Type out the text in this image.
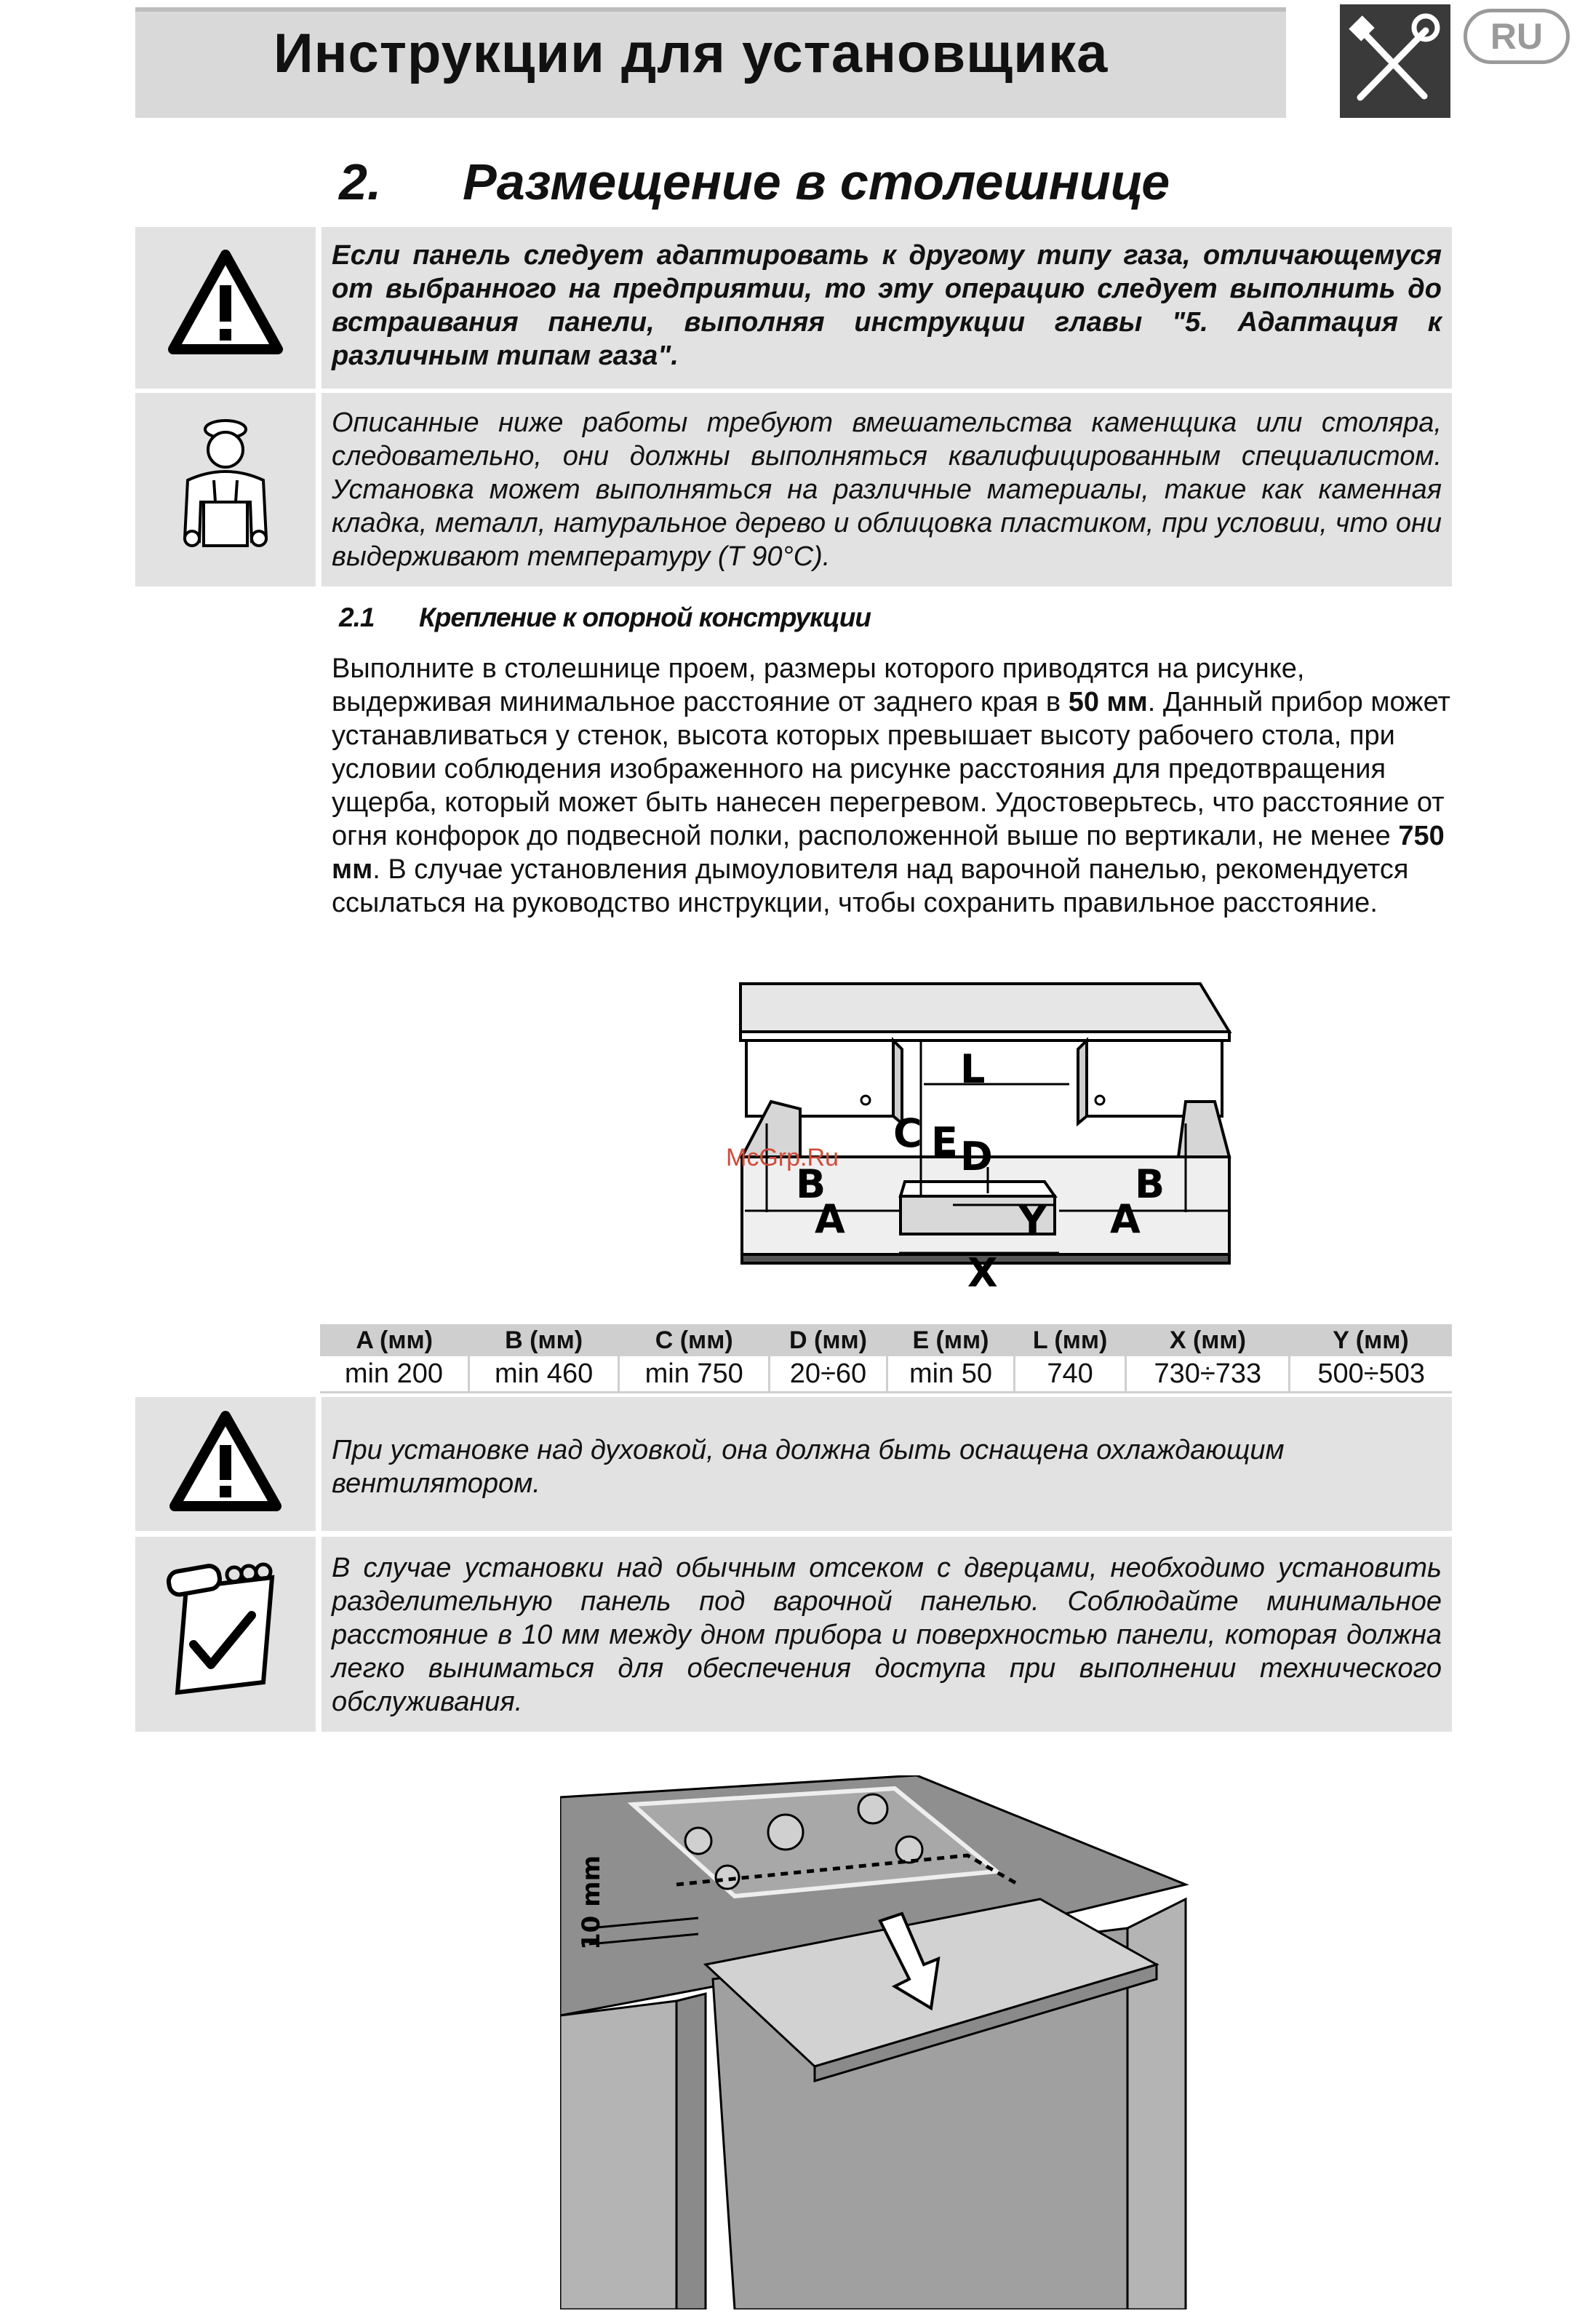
Инструкции для установщика	RU
2. Размещение в столешнице
Если панель следует адаптировать к другому типу газа, отличающемуся от выбранного на предприятии, то эту операцию следует выполнить до встраивания панели, выполняя инструкции главы "5. Адаптация к различным типам газа".
Описанные ниже работы требуют вмешательства каменщика или столяра, следовательно, они должны выполняться квалифицированным специалистом. Установка может выполняться на различные материалы, такие как каменная кладка, металл, натуральное дерево и облицовка пластиком, при условии, что они выдерживают температуру (T 90°C).
2.1 Крепление к опорной конструкции
Выполните в столешнице проем, размеры которого приводятся на рисунке, выдерживая минимальное расстояние от заднего края в 50 мм. Данный прибор может устанавливаться у стенок, высота которых превышает высоту рабочего стола, при условии соблюдения изображенного на рисунке расстояния для предотвращения ущерба, который может быть нанесен перегревом. Удостоверьтесь, что расстояние от огня конфорок до подвесной полки, расположенной выше по вертикали, не менее 750 мм. В случае установления дымоуловителя над варочной панелью, рекомендуется ссылаться на руководство инструкции, чтобы сохранить правильное расстояние.
L
C E D
B
A	Y A
B
X
McGrp.Ru
A (мм)	B (мм)	C (мм)	D (мм)	E (мм)	L (мм)	X (мм)	Y (мм)
min 200	min 460	min 750	20÷60	min 50	740	730÷733	500÷503
При установке над духовкой, она должна быть оснащена охлаждающим вентилятором.
В случае установки над обычным отсеком с дверцами, необходимо установить разделительную панель под варочной панелью. Соблюдайте минимальное расстояние в 10 мм между дном прибора и поверхностью панели, которая должна легко выниматься для обеспечения доступа при выполнении технического обслуживания.
10 mm
